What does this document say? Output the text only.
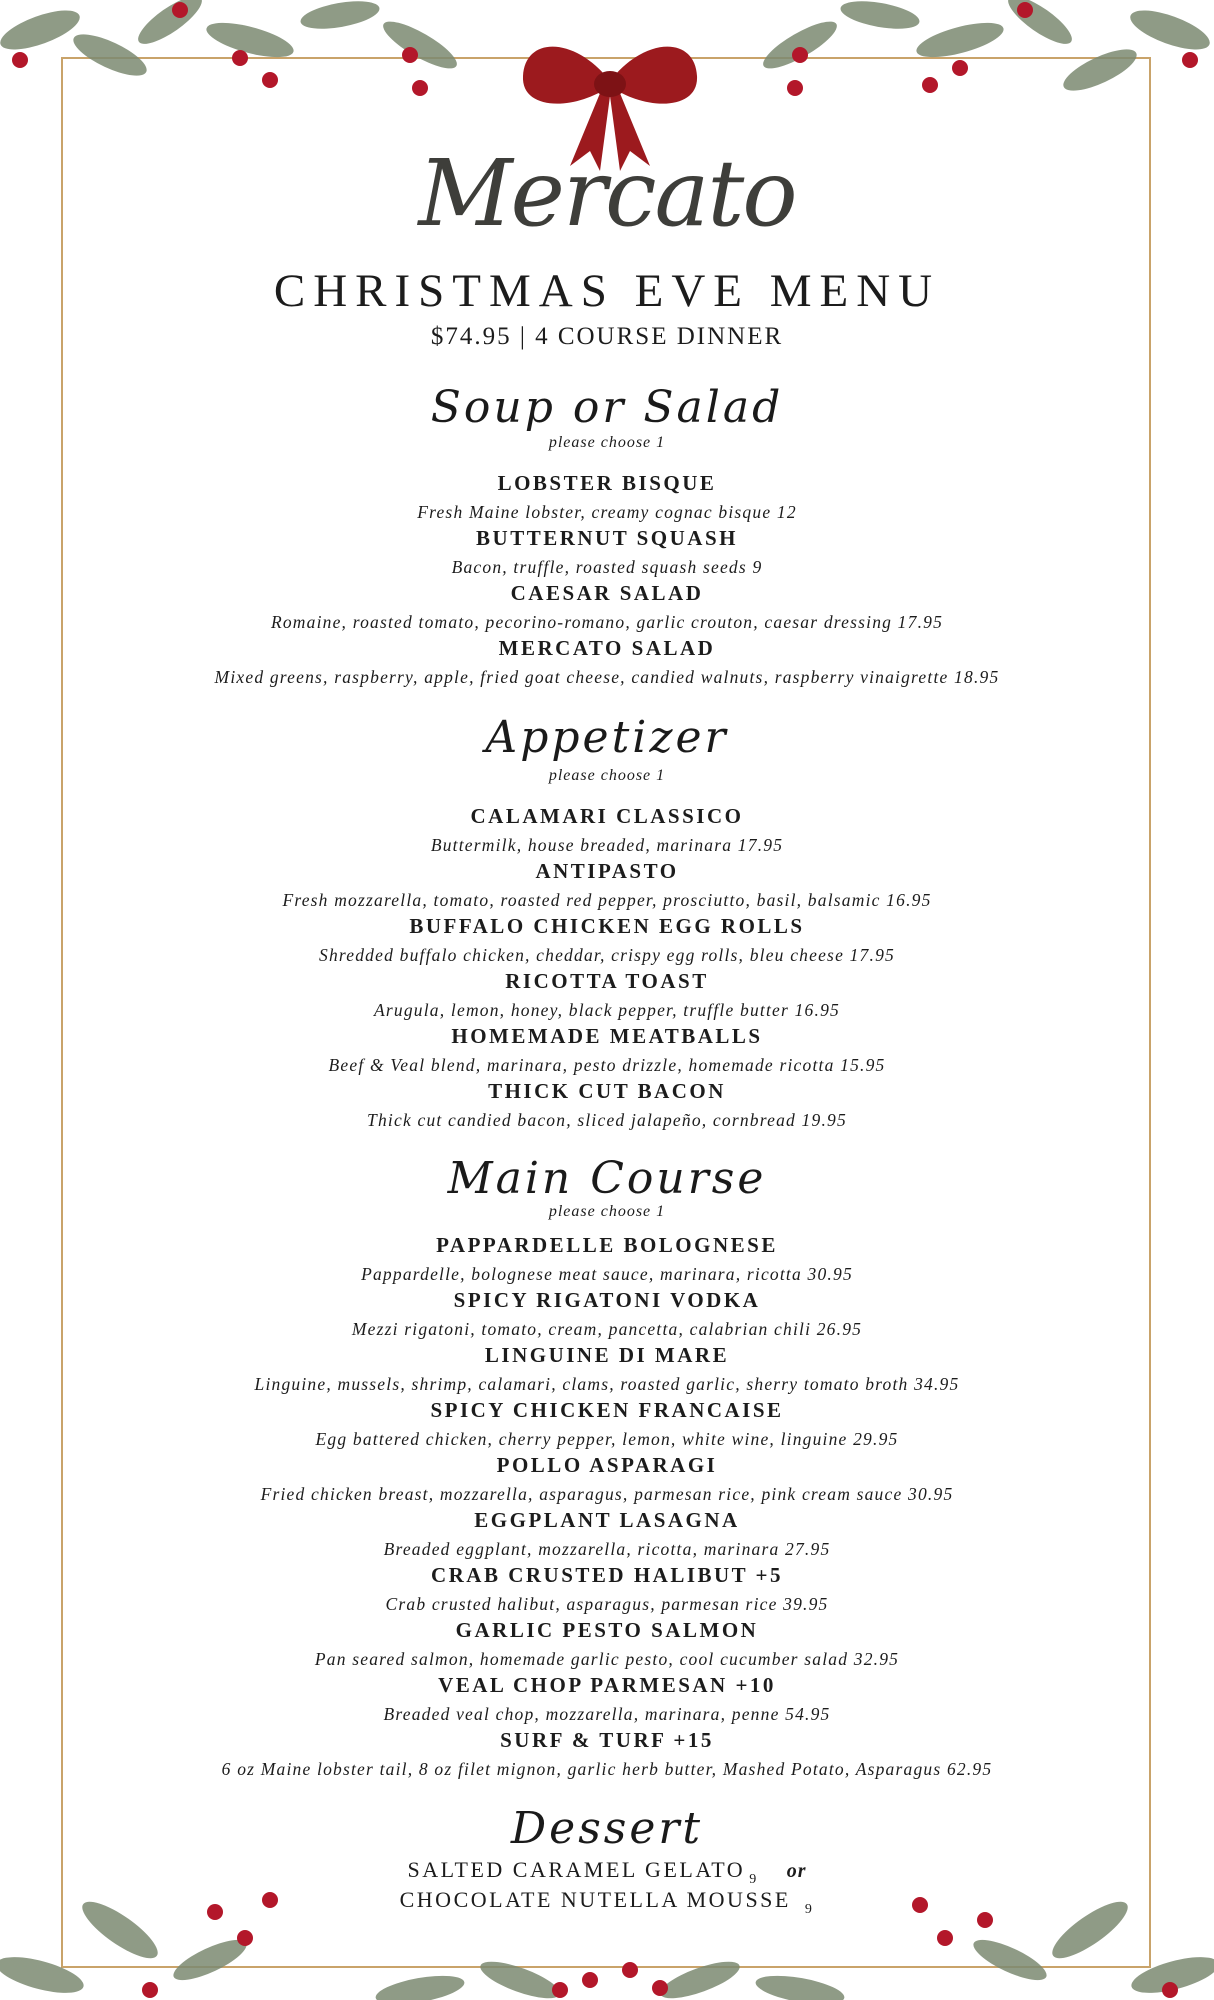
Mercato
CHRISTMAS EVE MENU
$74.95 | 4 COURSE DINNER
Soup or Salad
please choose 1
LOBSTER BISQUE
Fresh Maine lobster, creamy cognac bisque 12
BUTTERNUT SQUASH
Bacon, truffle, roasted squash seeds 9
CAESAR SALAD
Romaine, roasted tomato, pecorino-romano, garlic crouton, caesar dressing 17.95
MERCATO SALAD
Mixed greens, raspberry, apple, fried goat cheese, candied walnuts, raspberry vinaigrette 18.95
Appetizer
please choose 1
CALAMARI CLASSICO
Buttermilk, house breaded, marinara 17.95
ANTIPASTO
Fresh mozzarella, tomato, roasted red pepper, prosciutto, basil, balsamic 16.95
BUFFALO CHICKEN EGG ROLLS
Shredded buffalo chicken, cheddar, crispy egg rolls, bleu cheese 17.95
RICOTTA TOAST
Arugula, lemon, honey, black pepper, truffle butter 16.95
HOMEMADE MEATBALLS
Beef & Veal blend, marinara, pesto drizzle, homemade ricotta 15.95
THICK CUT BACON
Thick cut candied bacon, sliced jalapeño, cornbread 19.95
Main Course
please choose 1
PAPPARDELLE BOLOGNESE
Pappardelle, bolognese meat sauce, marinara, ricotta 30.95
SPICY RIGATONI VODKA
Mezzi rigatoni, tomato, cream, pancetta, calabrian chili 26.95
LINGUINE DI MARE
Linguine, mussels, shrimp, calamari, clams, roasted garlic, sherry tomato broth 34.95
SPICY CHICKEN FRANCAISE
Egg battered chicken, cherry pepper, lemon, white wine, linguine 29.95
POLLO ASPARAGI
Fried chicken breast, mozzarella, asparagus, parmesan rice, pink cream sauce 30.95
EGGPLANT LASAGNA
Breaded eggplant, mozzarella, ricotta, marinara 27.95
CRAB CRUSTED HALIBUT +5
Crab crusted halibut, asparagus, parmesan rice 39.95
GARLIC PESTO SALMON
Pan seared salmon, homemade garlic pesto, cool cucumber salad 32.95
VEAL CHOP PARMESAN +10
Breaded veal chop, mozzarella, marinara, penne 54.95
SURF & TURF +15
6 oz Maine lobster tail, 8 oz filet mignon, garlic herb butter, Mashed Potato, Asparagus 62.95
Dessert
SALTED CARAMEL GELATO $_9$ or
CHOCOLATE NUTELLA MOUSSE $_9$
